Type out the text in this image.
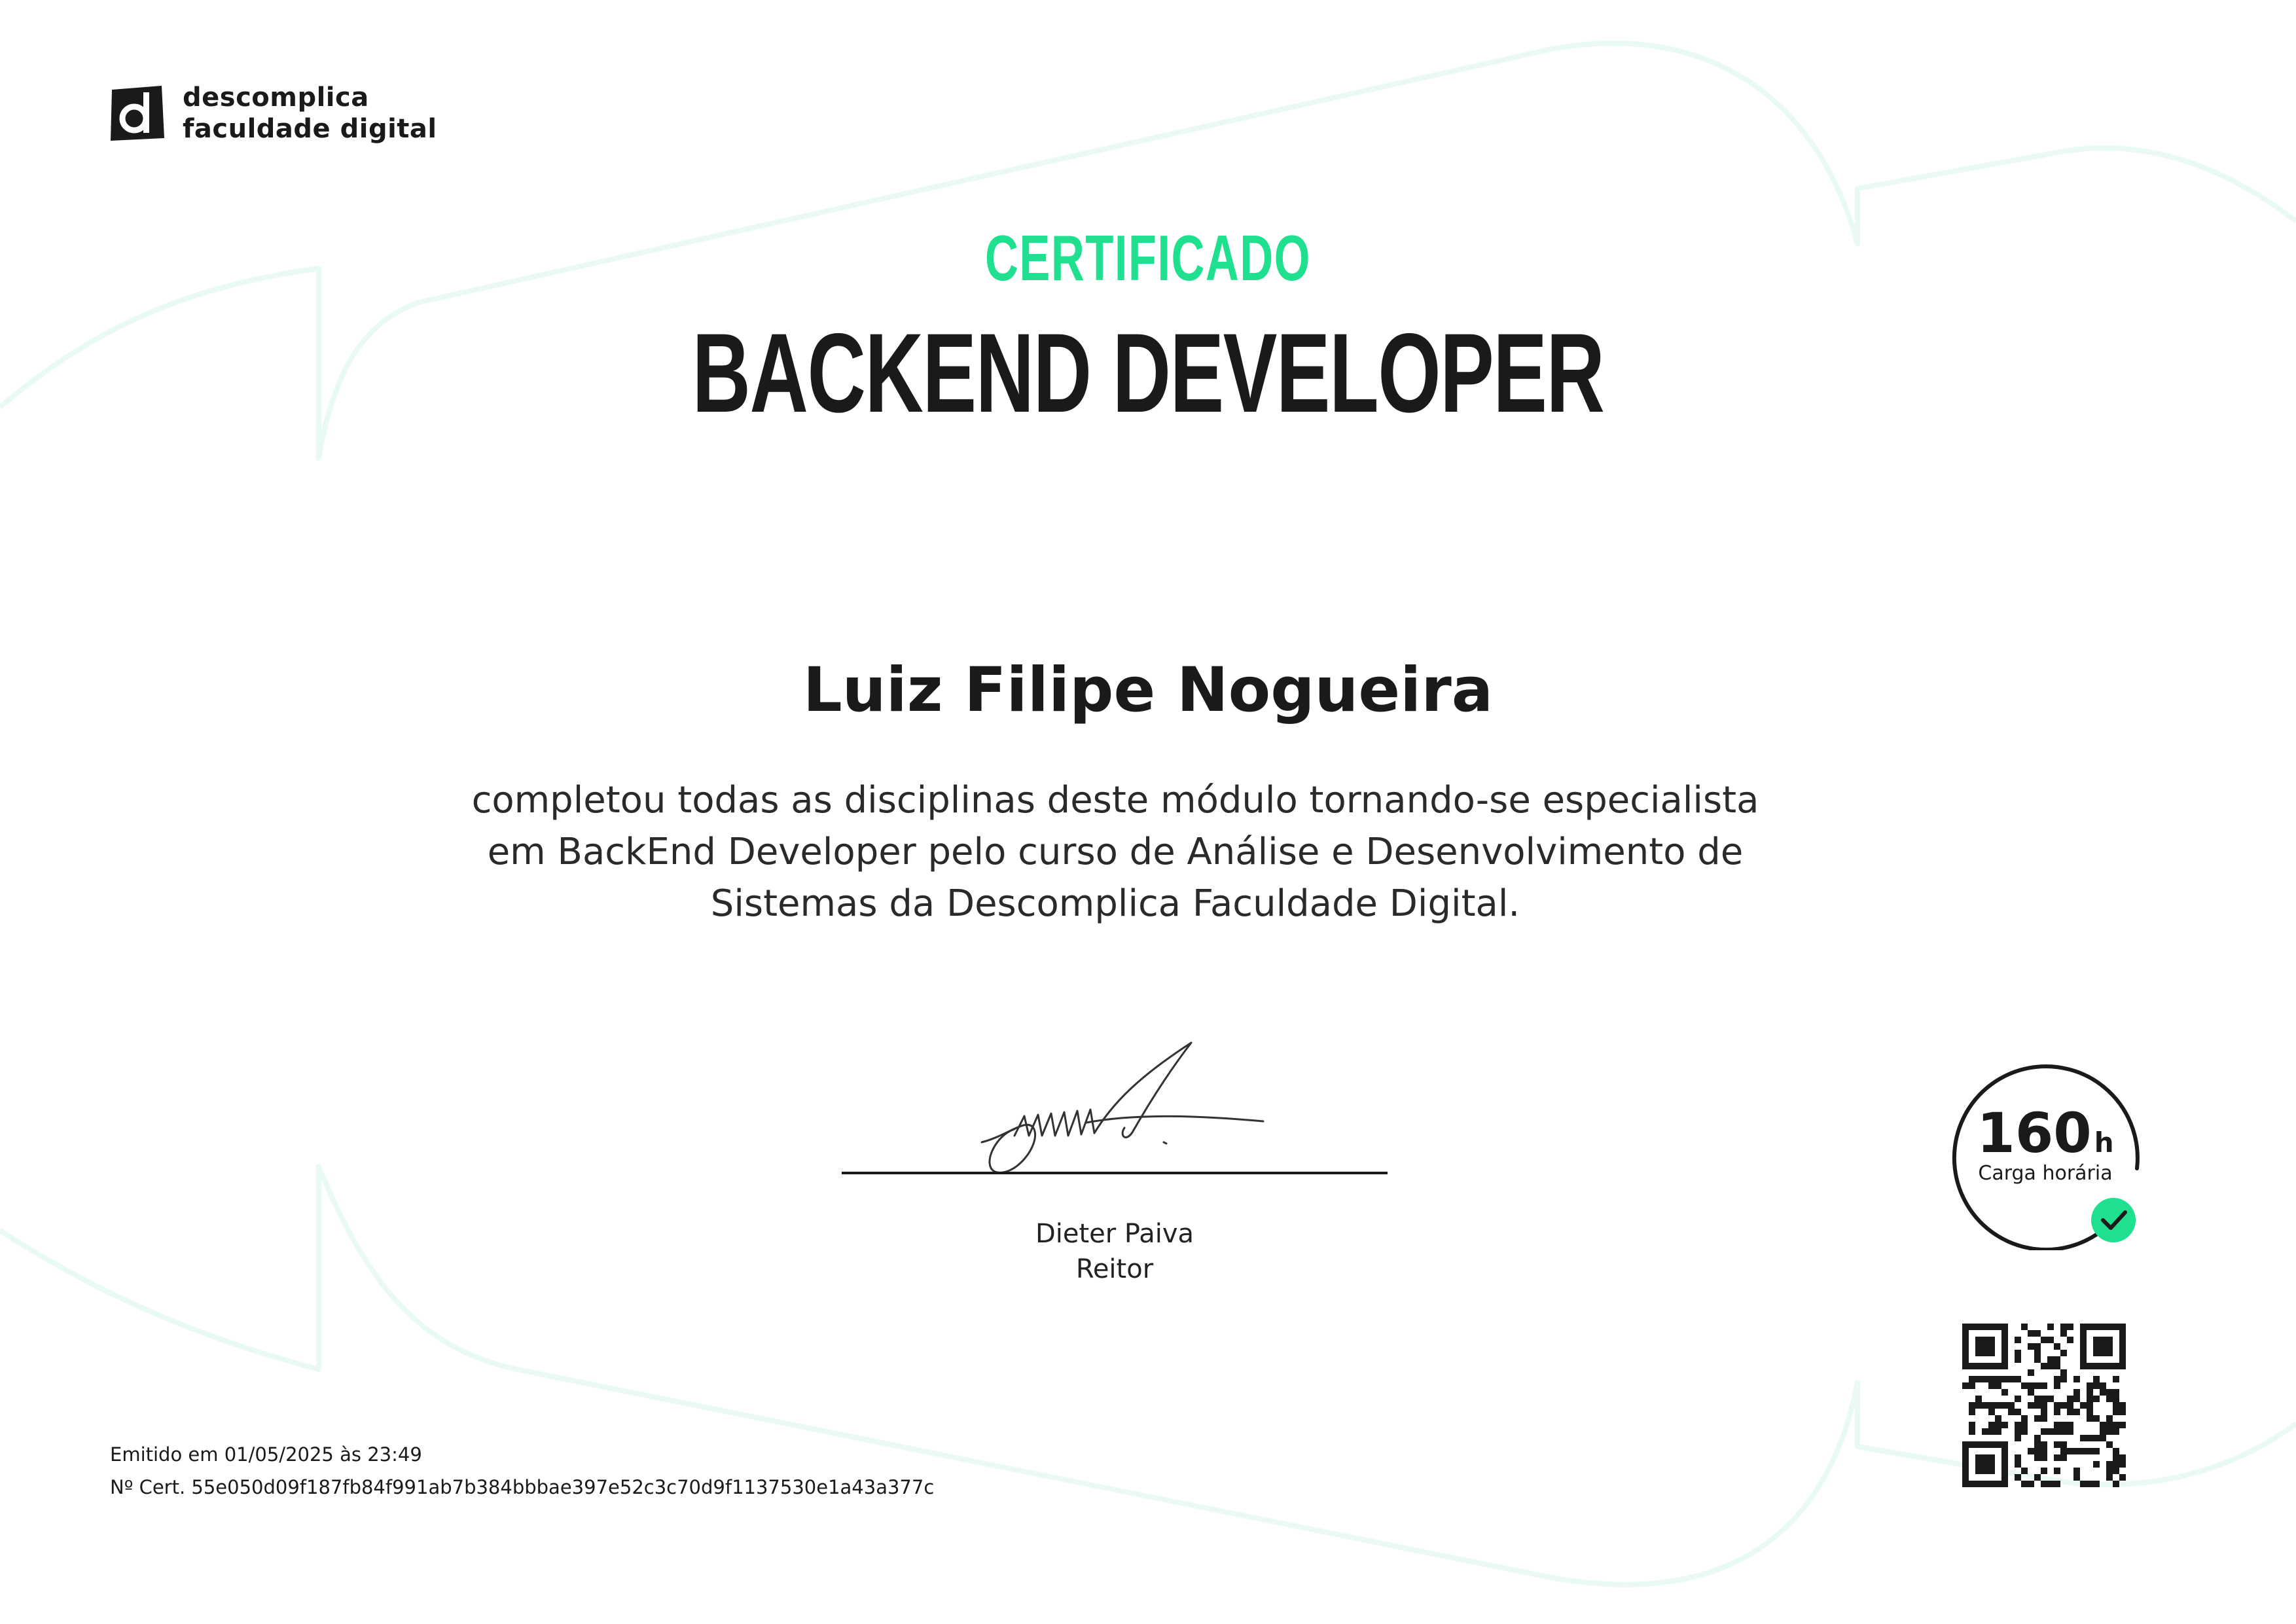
descomplica
faculdade digital
CERTIFICADO
BACKEND DEVELOPER
Luiz Filipe Nogueira
completou todas as disciplinas deste módulo tornando-se especialista
em BackEnd Developer pelo curso de Análise e Desenvolvimento de
Sistemas da Descomplica Faculdade Digital.
Dieter Paiva
Reitor
160h
Carga horária
Emitido em 01/05/2025 às 23:49
Nº Cert. 55e050d09f187fb84f991ab7b384bbbae397e52c3c70d9f1137530e1a43a377c
